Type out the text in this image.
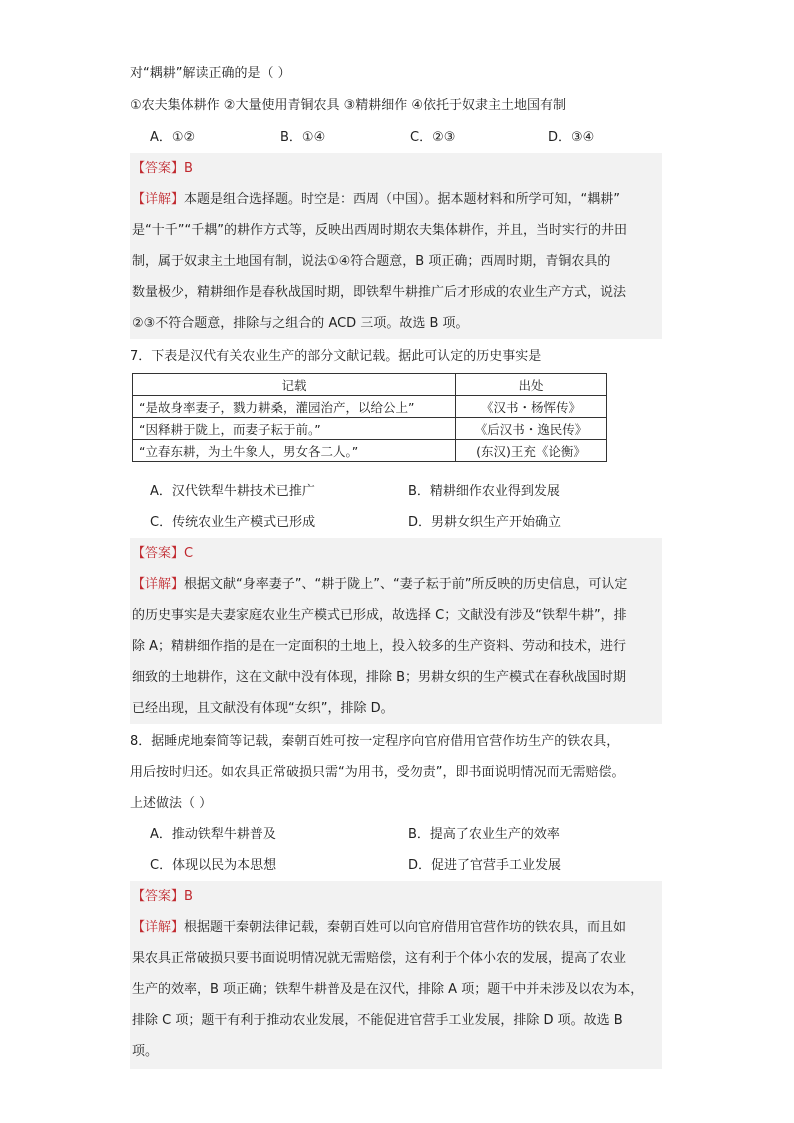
对“耦耕”解读正确的是（ ）
①农夫集体耕作 ②大量使用青铜农具 ③精耕细作 ④依托于奴隶主土地国有制
A．①②	B．①④	C．②③	D．③④
【答案】B
【详解】本题是组合选择题。时空是：西周（中国）。据本题材料和所学可知，“耦耕”
是“十千”“千耦”的耕作方式等，反映出西周时期农夫集体耕作，并且，当时实行的井田
制，属于奴隶主土地国有制，说法①④符合题意，B 项正确；西周时期，青铜农具的
数量极少，精耕细作是春秋战国时期，即铁犁牛耕推广后才形成的农业生产方式，说法
②③不符合题意，排除与之组合的 ACD 三项。故选 B 项。
7．下表是汉代有关农业生产的部分文献记载。据此可认定的历史事实是
记载	出处
“是故身率妻子，戮力耕桑，灌园治产，以给公上”	《汉书・杨恽传》
“因释耕于陇上，而妻子耘于前。”	《后汉书・逸民传》
“立春东耕，为土牛象人，男女各二人。”	(东汉)王充《论衡》
A．汉代铁犁牛耕技术已推广	B．精耕细作农业得到发展
C．传统农业生产模式已形成	D．男耕女织生产开始确立
【答案】C
【详解】根据文献“身率妻子”、“耕于陇上”、“妻子耘于前”所反映的历史信息，可认定
的历史事实是夫妻家庭农业生产模式已形成，故选择 C；文献没有涉及“铁犁牛耕”，排
除 A；精耕细作指的是在一定面积的土地上，投入较多的生产资料、劳动和技术，进行
细致的土地耕作，这在文献中没有体现，排除 B；男耕女织的生产模式在春秋战国时期
已经出现，且文献没有体现“女织”，排除 D。
8．据睡虎地秦简等记载，秦朝百姓可按一定程序向官府借用官营作坊生产的铁农具，
用后按时归还。如农具正常破损只需“为用书，受勿责”，即书面说明情况而无需赔偿。
上述做法（ ）
A．推动铁犁牛耕普及	B．提高了农业生产的效率
C．体现以民为本思想	D．促进了官营手工业发展
【答案】B
【详解】根据题干秦朝法律记载，秦朝百姓可以向官府借用官营作坊的铁农具，而且如
果农具正常破损只要书面说明情况就无需赔偿，这有利于个体小农的发展，提高了农业
生产的效率，B 项正确；铁犁牛耕普及是在汉代，排除 A 项；题干中并未涉及以农为本，
排除 C 项；题干有利于推动农业发展，不能促进官营手工业发展，排除 D 项。故选 B
项。
